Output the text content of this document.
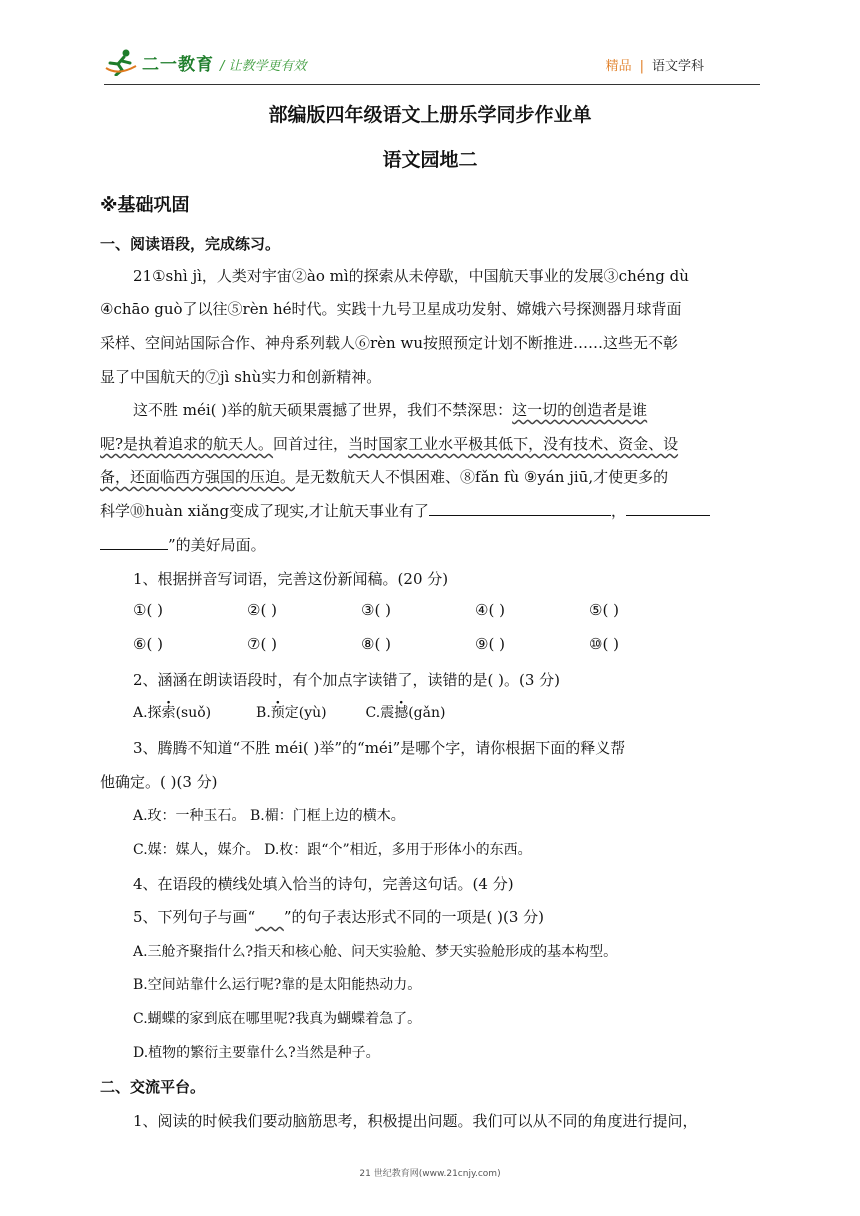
二一教育 / 让教学更有效	精品 | 语文学科
部编版四年级语文上册乐学同步作业单
语文园地二
※基础巩固
一、阅读语段，完成练习。
21①shì jì，人类对宇宙②ào mì的探索从未停歇，中国航天事业的发展③chéng dù
④chāo guò了以往⑤rèn hé时代。实践十九号卫星成功发射、嫦娥六号探测器月球背面
采样、空间站国际合作、神舟系列载人⑥rèn wu按照预定计划不断推进……这些无不彰
显了中国航天的⑦jì shù实力和创新精神。
这不胜 méi( )举的航天硕果震撼了世界，我们不禁深思：这一切的创造者是谁
呢?是执着追求的航天人。回首过往，当时国家工业水平极其低下，没有技术、资金、设
备，还面临西方强国的压迫。是无数航天人不惧困难、⑧fǎn fù ⑨yán jiū,才使更多的
科学⑩huàn xiǎng变成了现实,才让航天事业有了	，
”的美好局面。
1、根据拼音写词语，完善这份新闻稿。(20 分)
①( )	②( )	③( )	④( )	⑤( )
⑥( )	⑦( )	⑧( )	⑨( )	⑩( )
2、涵涵在朗读语段时，有个加点字读错了，读错的是( )。(3 分)
A.探索(suǒ)	B.预定(yù)	C.震撼(gǎn)
3、腾腾不知道“不胜 méi( )举”的“méi”是哪个字，请你根据下面的释义帮
他确定。( )(3 分)
A.玫：一种玉石。 B.楣：门框上边的横木。
C.媒：媒人，媒介。 D.枚：跟“个”相近，多用于形体小的东西。
4、在语段的横线处填入恰当的诗句，完善这句话。(4 分)
5、下列句子与画“ ”的句子表达形式不同的一项是( )(3 分)
A.三舱齐聚指什么?指天和核心舱、问天实验舱、梦天实验舱形成的基本构型。
B.空间站靠什么运行呢?靠的是太阳能热动力。
C.蝴蝶的家到底在哪里呢?我真为蝴蝶着急了。
D.植物的繁衍主要靠什么?当然是种子。
二、交流平台。
1、阅读的时候我们要动脑筋思考，积极提出问题。我们可以从不同的角度进行提问，
21 世纪教育网(www.21cnjy.com)
